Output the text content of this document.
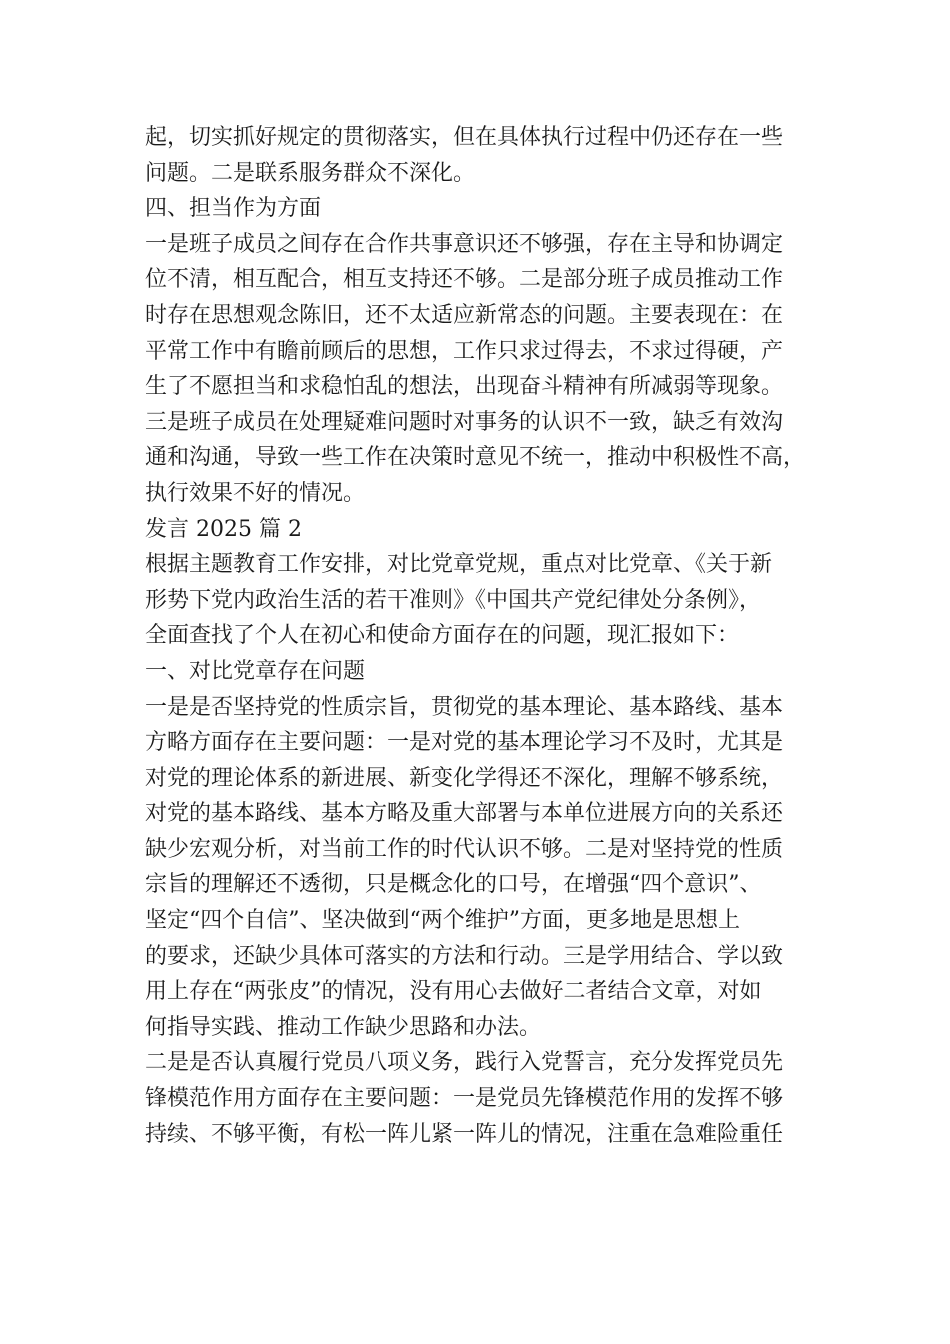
起，切实抓好规定的贯彻落实，但在具体执行过程中仍还存在一些
问题。二是联系服务群众不深化。
四、担当作为方面
一是班子成员之间存在合作共事意识还不够强，存在主导和协调定
位不清，相互配合，相互支持还不够。二是部分班子成员推动工作
时存在思想观念陈旧，还不太适应新常态的问题。主要表现在：在
平常工作中有瞻前顾后的思想，工作只求过得去，不求过得硬，产
生了不愿担当和求稳怕乱的想法，出现奋斗精神有所减弱等现象。
三是班子成员在处理疑难问题时对事务的认识不一致，缺乏有效沟
通和沟通，导致一些工作在决策时意见不统一，推动中积极性不高，
执行效果不好的情况。
发言 2025 篇 2
根据主题教育工作安排，对比党章党规，重点对比党章、《关于新
形势下党内政治生活的若干准则》《中国共产党纪律处分条例》，
全面查找了个人在初心和使命方面存在的问题，现汇报如下：
一、对比党章存在问题
一是是否坚持党的性质宗旨，贯彻党的基本理论、基本路线、基本
方略方面存在主要问题：一是对党的基本理论学习不及时，尤其是
对党的理论体系的新进展、新变化学得还不深化，理解不够系统，
对党的基本路线、基本方略及重大部署与本单位进展方向的关系还
缺少宏观分析，对当前工作的时代认识不够。二是对坚持党的性质
宗旨的理解还不透彻，只是概念化的口号，在增强“四个意识”、
坚定“四个自信”、坚决做到“两个维护”方面，更多地是思想上
的要求，还缺少具体可落实的方法和行动。三是学用结合、学以致
用上存在“两张皮”的情况，没有用心去做好二者结合文章，对如
何指导实践、推动工作缺少思路和办法。
二是是否认真履行党员八项义务，践行入党誓言，充分发挥党员先
锋模范作用方面存在主要问题：一是党员先锋模范作用的发挥不够
持续、不够平衡，有松一阵儿紧一阵儿的情况，注重在急难险重任
